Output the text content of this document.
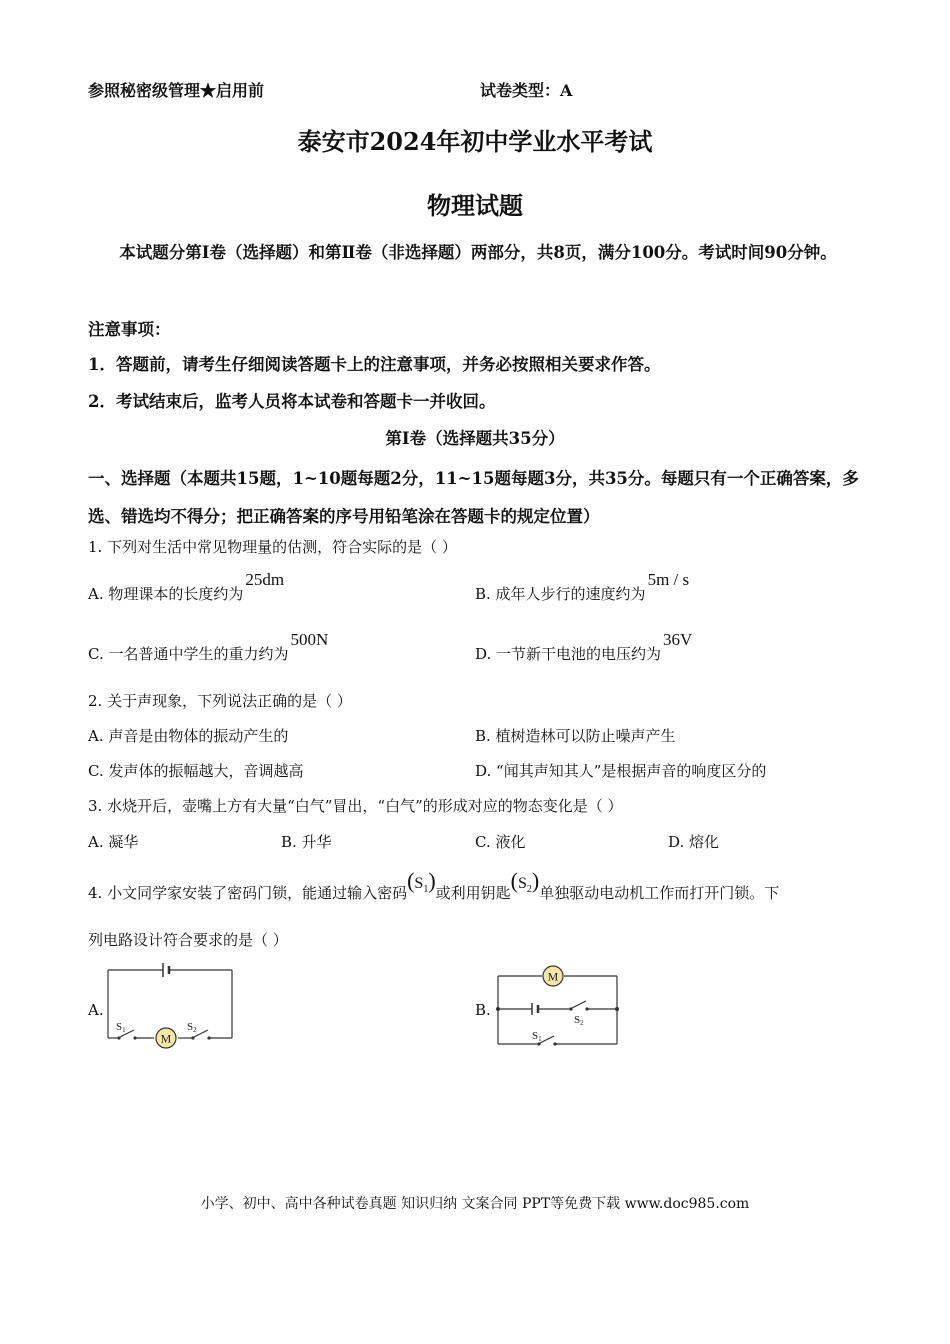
参照秘密级管理★启用前	试卷类型：A
泰安市2024年初中学业水平考试
物理试题
本试题分第Ⅰ卷（选择题）和第Ⅱ卷（非选择题）两部分，共8页，满分100分。考试时间90分钟。
注意事项：
1．答题前，请考生仔细阅读答题卡上的注意事项，并务必按照相关要求作答。
2．考试结束后，监考人员将本试卷和答题卡一并收回。
第Ⅰ卷（选择题共35分）
一、选择题（本题共15题，1~10题每题2分，11~15题每题3分，共35分。每题只有一个正确答案，多选、错选均不得分；把正确答案的序号用铅笔涂在答题卡的规定位置）
1. 下列对生活中常见物理量的估测，符合实际的是（ ）
A. 物理课本的长度约为25dm
B. 成年人步行的速度约为5m / s
C. 一名普通中学生的重力约为500N
D. 一节新干电池的电压约为36V
2. 关于声现象，下列说法正确的是（ ）
A. 声音是由物体的振动产生的	B. 植树造林可以防止噪声产生
C. 发声体的振幅越大，音调越高	D. “闻其声知其人”是根据声音的响度区分的
3. 水烧开后，壶嘴上方有大量“白气”冒出，“白气”的形成对应的物态变化是（ ）
A. 凝华	B. 升华	C. 液化	D. 熔化
4. 小文同学家安装了密码门锁，能通过输入密码$(S_1)$或利用钥匙$(S_2)$单独驱动电动机工作而打开门锁。下
列电路设计符合要求的是（ ）
A.	B.
M
S1	S2
M
S2
S1
小学、初中、高中各种试卷真题 知识归纳 文案合同 PPT等免费下载 www.doc985.com
